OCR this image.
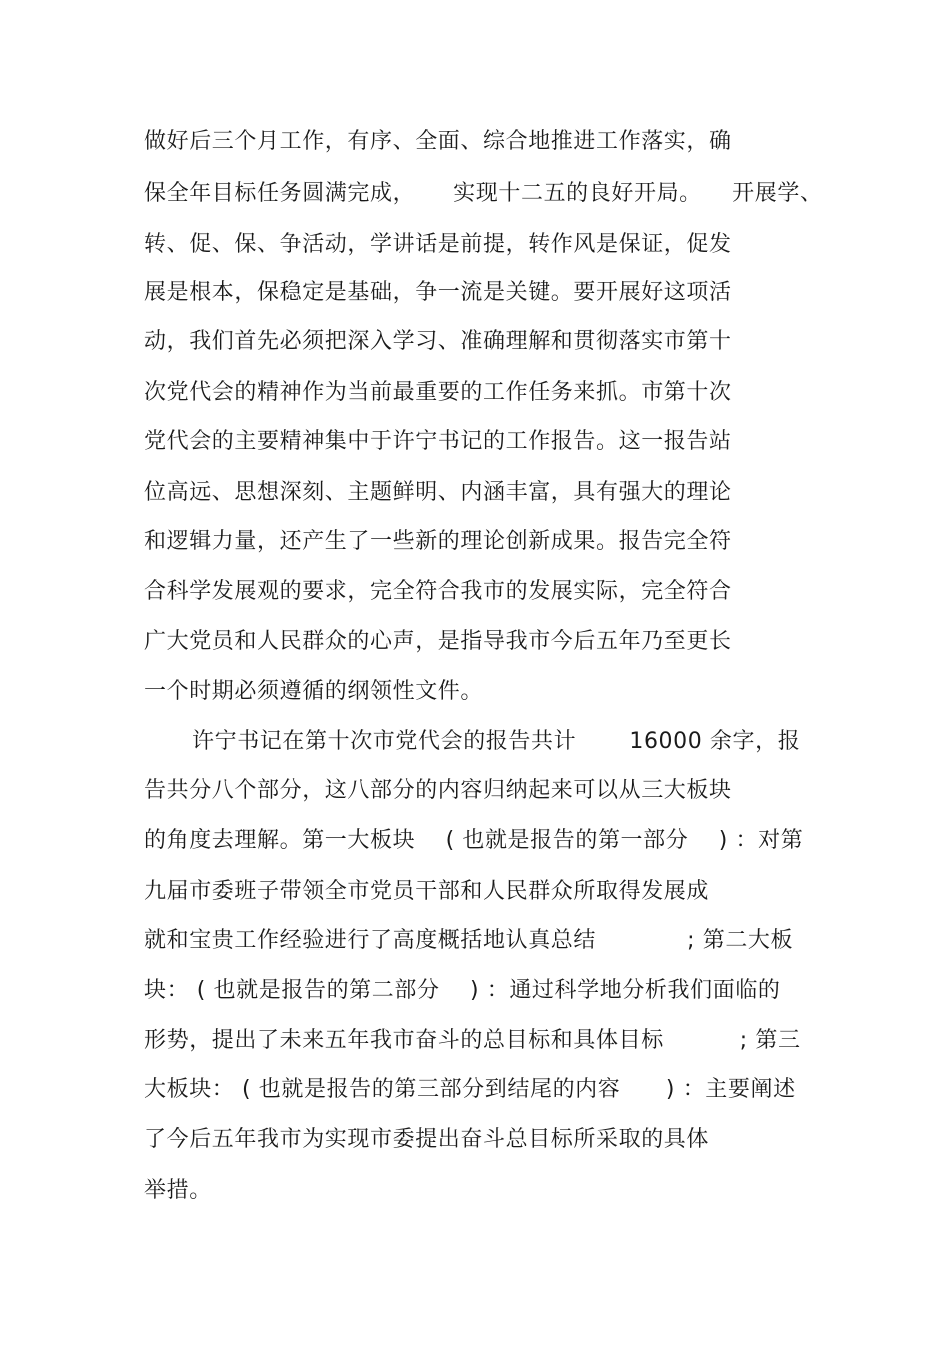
做好后三个月工作，有序、全面、综合地推进工作落实，确
保全年目标任务圆满完成，     实现十二五的良好开局。    开展学、
转、促、保、争活动，学讲话是前提，转作风是保证，促发
展是根本，保稳定是基础，争一流是关键。要开展好这项活
动，我们首先必须把深入学习、准确理解和贯彻落实市第十
次党代会的精神作为当前最重要的工作任务来抓。市第十次
党代会的主要精神集中于许宁书记的工作报告。这一报告站
位高远、思想深刻、主题鲜明、内涵丰富，具有强大的理论
和逻辑力量，还产生了一些新的理论创新成果。报告完全符
合科学发展观的要求，完全符合我市的发展实际，完全符合
广大党员和人民群众的心声，是指导我市今后五年乃至更长
一个时期必须遵循的纲领性文件。
许宁书记在第十次市党代会的报告共计       16000 余字，报
告共分八个部分，这八部分的内容归纳起来可以从三大板块
的角度去理解。第一大板块    ( 也就是报告的第一部分    ) ：对第
九届市委班子带领全市党员干部和人民群众所取得发展成
就和宝贵工作经验进行了高度概括地认真总结            ; 第二大板
块： ( 也就是报告的第二部分    ) ：通过科学地分析我们面临的
形势，提出了未来五年我市奋斗的总目标和具体目标          ; 第三
大板块： ( 也就是报告的第三部分到结尾的内容      ) ：主要阐述
了今后五年我市为实现市委提出奋斗总目标所采取的具体
举措。
